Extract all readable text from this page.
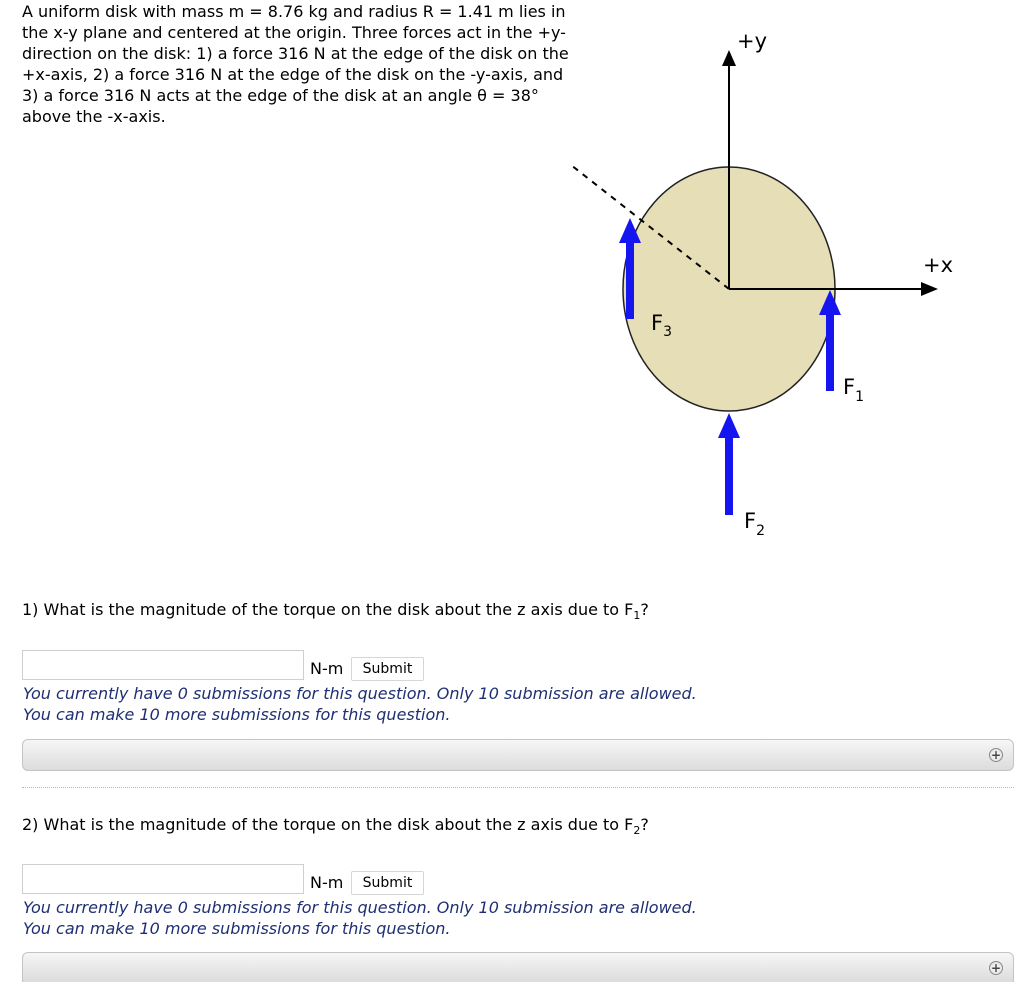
A uniform disk with mass m = 8.76 kg and radius R = 1.41 m lies in the x-y plane and centered at the origin. Three forces act in the +y-direction on the disk: 1) a force 316 N at the edge of the disk on the +x-axis, 2) a force 316 N at the edge of the disk on the -y-axis, and 3) a force 316 N acts at the edge of the disk at an angle θ = 38° above the -x-axis.

+y
+x
$F_3$
$F_1$
$F_2$
1) What is the magnitude of the torque on the disk about the z axis due to $F_1$?
N-m	Submit
You currently have 0 submissions for this question. Only 10 submission are allowed.
You can make 10 more submissions for this question.
+
2) What is the magnitude of the torque on the disk about the z axis due to $F_2$?
N-m	Submit
You currently have 0 submissions for this question. Only 10 submission are allowed.
You can make 10 more submissions for this question.
+
